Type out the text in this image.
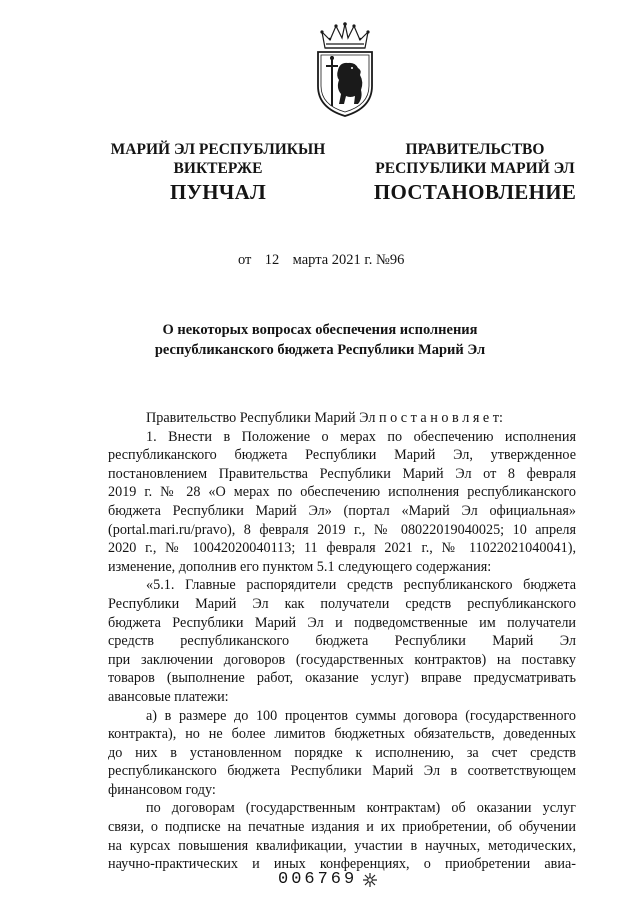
МАРИЙ ЭЛ РЕСПУБЛИКЫН
ВИКТЕРЖЕ
ПУНЧАЛ
ПРАВИТЕЛЬСТВО
РЕСПУБЛИКИ МАРИЙ ЭЛ
ПОСТАНОВЛЕНИЕ
от 12 марта 2021 г. №96
О некоторых вопросах обеспечения исполнения
республиканского бюджета Республики Марий Эл

Правительство Республики Марий Эл п о с т а н о в л я е т:

1. Внести в Положение о мерах по обеспечению исполнения

республиканского бюджета Республики Марий Эл, утвержденное

постановлением Правительства Республики Марий Эл от 8 февраля

2019 г. № 28 «О мерах по обеспечению исполнения республиканского

бюджета Республики Марий Эл» (портал «Марий Эл официальная»

(portal.mari.ru/pravo), 8 февраля 2019 г., № 08022019040025; 10 апреля

2020 г., № 10042020040113; 11 февраля 2021 г., № 11022021040041),

изменение, дополнив его пунктом 5.1 следующего содержания:

«5.1. Главные распорядители средств республиканского бюджета

Республики Марий Эл как получатели средств республиканского

бюджета Республики Марий Эл и подведомственные им получатели

средств республиканского бюджета Республики Марий Эл

при заключении договоров (государственных контрактов) на поставку

товаров (выполнение работ, оказание услуг) вправе предусматривать

авансовые платежи:

а) в размере до 100 процентов суммы договора (государственного

контракта), но не более лимитов бюджетных обязательств, доведенных

до них в установленном порядке к исполнению, за счет средств

республиканского бюджета Республики Марий Эл в соответствующем

финансовом году:

по договорам (государственным контрактам) об оказании услуг

связи, о подписке на печатные издания и их приобретении, об обучении

на курсах повышения квалификации, участии в научных, методических,

научно-практических и иных конференциях, о приобретении авиа-

006769
